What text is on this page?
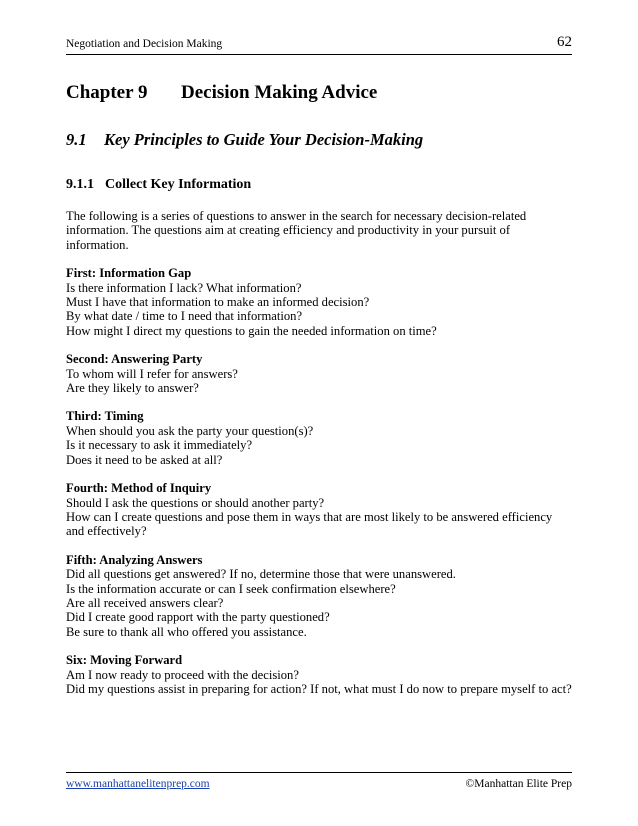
Negotiation and Decision Making	62
Chapter 9 Decision Making Advice
9.1 Key Principles to Guide Your Decision-Making
9.1.1 Collect Key Information

The following is a series of questions to answer in the search for necessary decision-related information. The questions aim at creating efficiency and productivity in your pursuit of information.

First: Information Gap
Is there information I lack? What information?
Must I have that information to make an informed decision?
By what date / time to I need that information?
How might I direct my questions to gain the needed information on time?
Second: Answering Party
To whom will I refer for answers?
Are they likely to answer?
Third: Timing
When should you ask the party your question(s)?
Is it necessary to ask it immediately?
Does it need to be asked at all?
Fourth: Method of Inquiry
Should I ask the questions or should another party?
How can I create questions and pose them in ways that are most likely to be answered efficiency and effectively?
Fifth: Analyzing Answers
Did all questions get answered? If no, determine those that were unanswered.
Is the information accurate or can I seek confirmation elsewhere?
Are all received answers clear?
Did I create good rapport with the party questioned?
Be sure to thank all who offered you assistance.
Six: Moving Forward
Am I now ready to proceed with the decision?
Did my questions assist in preparing for action? If not, what must I do now to prepare myself to act?
www.manhattanelitenprep.com	©Manhattan Elite Prep
